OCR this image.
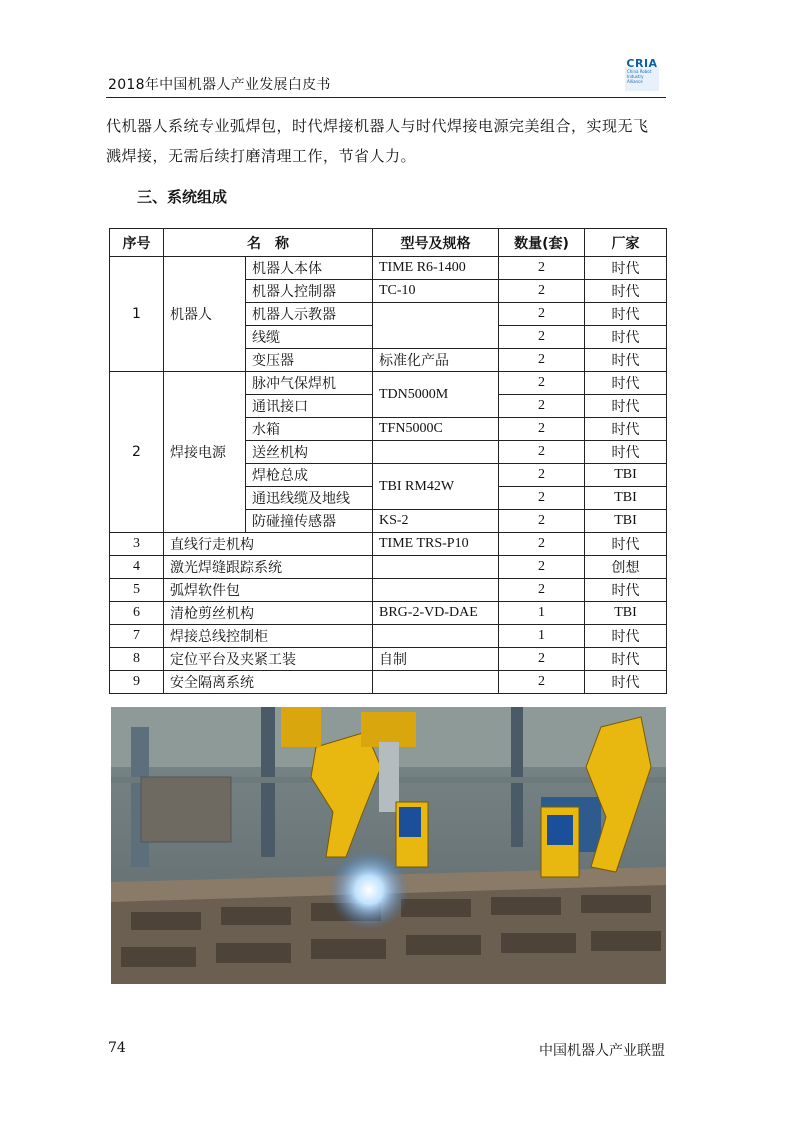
2018年中国机器人产业发展白皮书
CRIA
China Robot Industry Alliance
代机器人系统专业弧焊包，时代焊接机器人与时代焊接电源完美组合，实现无飞
溅焊接，无需后续打磨清理工作，节省人力。
三、系统组成
序号	名　称		型号及规格	数量(套)	厂家
1	机器人	机器人本体	TIME R6-1400	2	时代
		机器人控制器	TC-10	2	时代
		机器人示教器		2	时代
		线缆		2	时代
		变压器	标准化产品	2	时代
2	焊接电源	脉冲气保焊机	TDN5000M	2	时代
		通讯接口		2	时代
		水箱	TFN5000C	2	时代
		送丝机构		2	时代
		焊枪总成	TBI RM42W	2	TBI
		通迅线缆及地线		2	TBI
		防碰撞传感器	KS-2	2	TBI
3	直线行走机构		TIME TRS-P10	2	时代
4	激光焊缝跟踪系统			2	创想
5	弧焊软件包			2	时代
6	清枪剪丝机构		BRG-2-VD-DAE	1	TBI
7	焊接总线控制柜			1	时代
8	定位平台及夹紧工装		自制	2	时代
9	安全隔离系统			2	时代
74	中国机器人产业联盟
